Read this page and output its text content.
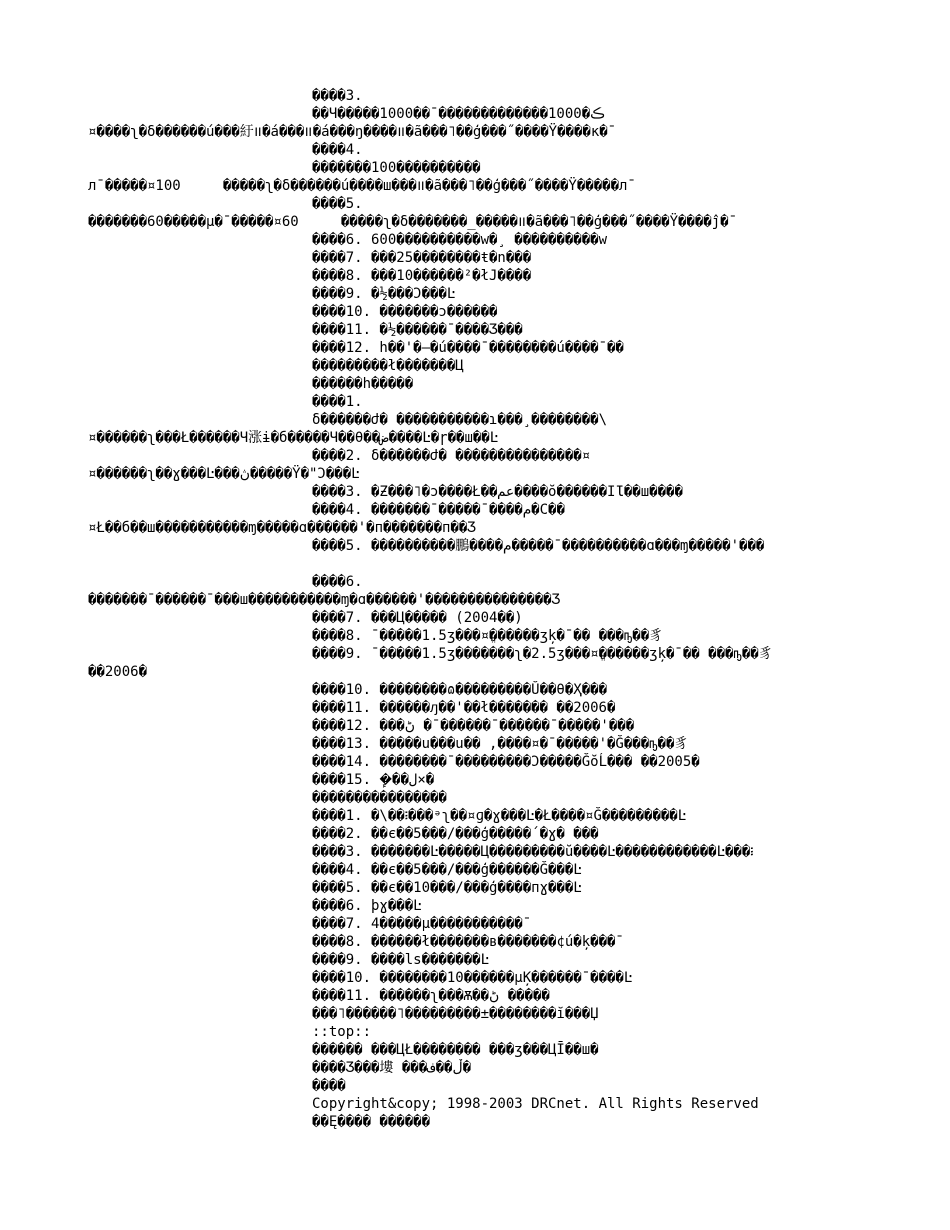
����3.
��Ч�����1000��¯�������������1000�ڪ
¤����ʅ�δ������ú���紆װ�á���װ�á���ŋ����װ�ã���˥��ģ���˝����Ÿ����ĸ�¯
����4.
�������100����������
л¯�����¤100     �����ʅ�δ������ú����ш���װ�ã���˥��ģ���˝����Ÿ�����л¯
����5.
�������60�����µ�¯�����¤60     �����ʅ�δ�������_�����װ�ã���˥��ģ���˝����Ÿ����ĵ�¯
����6. 600����������ԝ�¸ ����������ԝ
����7. ���25��������ŧ�ո���
����8. ���10������²�łJ����
����9. �½���Ɔ���Ŀ
����10. �������ɔ������
����11. �½������¯����Ʒ���
����12. h��'�—�ú����¯��������ú����¯��
���������ł�������Ц
������h�����
����1.
δ������ժ� �����������ɿ���¸��������\
¤������ʅ���Ł������Ч涨ɨ�б�����Ч��θ��ض����Ŀ�ɼ��ш��Ŀ
����2. δ������ժ� ���������������¤
¤������ʅ��ɣ���Ŀ���ڽ�����Ÿ�"Ɔ���Ŀ
����3. �Ƶ���˥�ɔ����Ł��عم����ŏ������ӀƖ��ш����
����4. �������¯�����¯����م�С��
¤Ł��б��ш�����������ɱ�����ɑ������'�п�������п��Ʒ
����5. ����������鵬����م�����¯����������ɑ���ɱ�����'���
����6.
�������¯������¯���ш�����������ɱ�ɑ������'���������������Ʒ
����7. ���Ц����� (2004��)
����8. ¯�����1.5ʒ���¤ֱ������ʒķ�¯�� ���ҧ��豸
����9. ¯�����1.5ʒ�������ʅ�2.5ʒ���¤ֱ������ʒķ�¯�� ���ҧ��豸
��2006�
����10. ��������ɷ���������Ŭ��θ�Ҳ���
����11. ������ԓ��'��ł������� ��2006�
����12. ���ڻ �¯������¯������¯�����'���
����13. �����ս���ս�� ,����¤�¯�����'�Ğ���ҧ��豸
����14. ��������¯���������Ɔ�����ĞŏĹ��� ��2005�
����15. �ܾ��ل×�
����������������
����1. �\��፧���ᵊʅ��¤ɡ�ɣ���Ŀ�Ł����¤Ğ���������Ŀ
����2. ��є��5���/���ģ�����´�ɣ� ���
����3. �������Ŀ�����Ц���������ŭ����Ŀ������������Ŀ���፧
����4. ��є��5���/���ģ������Ğ���Ŀ
����5. ��є��10���/���ģ����пɣ���Ŀ
����6. þɣ���Ŀ
����7. 4�����µ�����������¯
����8. ������ł�������в�������¢ú�ķ���¯
����9. ����ls�������Ŀ
����10. ��������10������µĶ������¯����Ŀ
����11. ������ʅ���Ѫ��ڻ �����
���˥������˥���������±��������ĭ���Џ
::top::
������ ���ЦŁ�������� ���ʒ���ЦĪ��ш�
����Ʒ���塿 ���ڵ��ف�
����
Copyright&copy; 1998-2003 DRCnet. All Rights Reserved
��Ę���� ������
